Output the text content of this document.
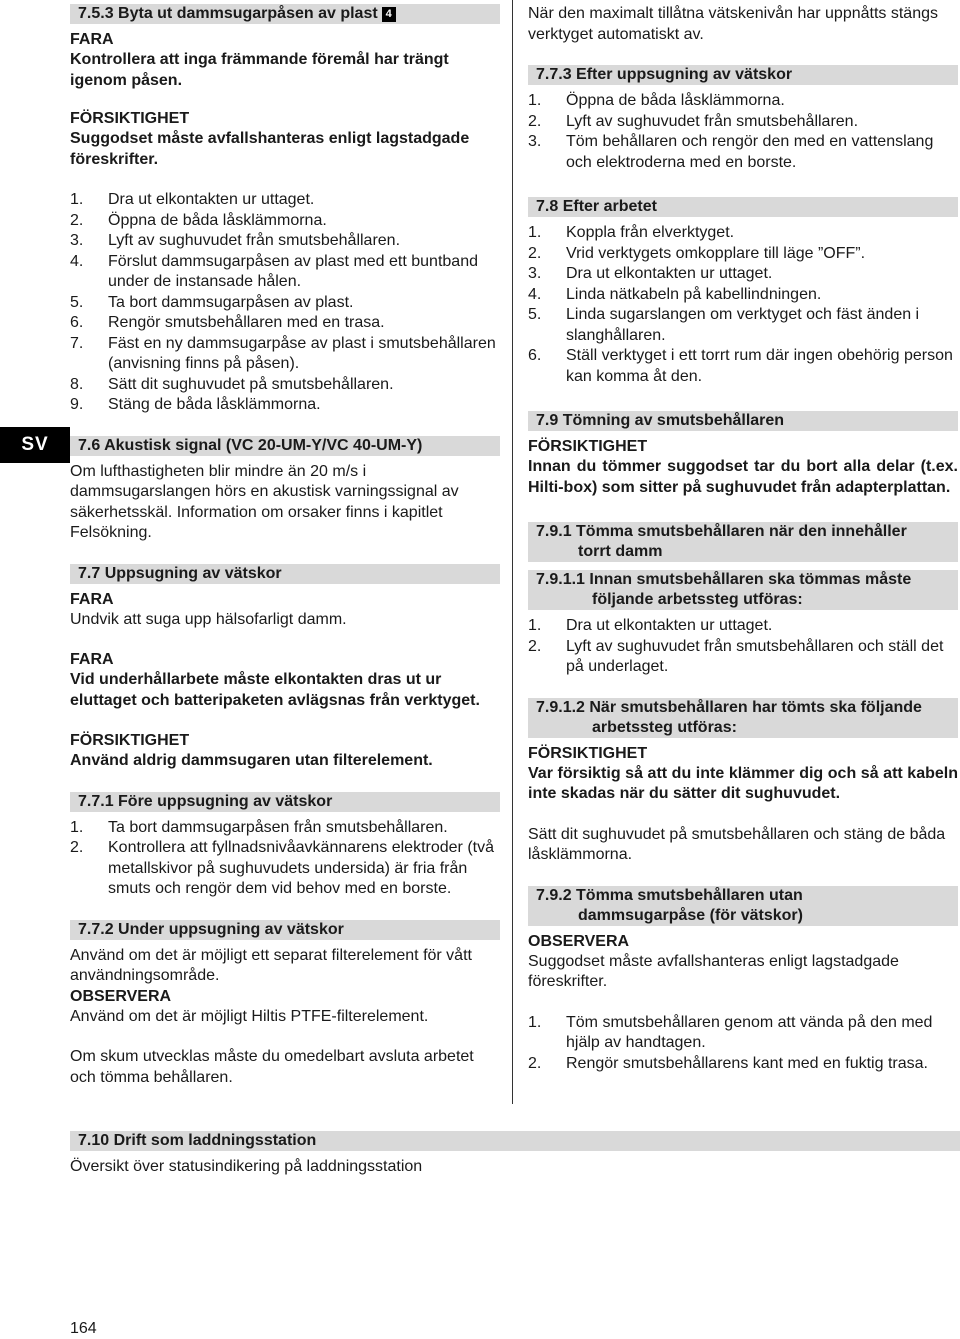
SV
7.5.3 Byta ut dammsugarpåsen av plast 4

FARA

Kontrollera att inga främmande föremål har trängt igenom påsen.

FÖRSIKTIGHET

Suggodset måste avfallshanteras enligt lagstadgade föreskrifter.

1.	Dra ut elkontakten ur uttaget.
2.	Öppna de båda låsklämmorna.
3.	Lyft av sughuvudet från smutsbehållaren.
4.	Förslut dammsugarpåsen av plast med ett buntband under de instansade hålen.
5.	Ta bort dammsugarpåsen av plast.
6.	Rengör smutsbehållaren med en trasa.
7.	Fäst en ny dammsugarpåse av plast i smutsbehållaren (anvisning finns på påsen).
8.	Sätt dit sughuvudet på smutsbehållaren.
9.	Stäng de båda låsklämmorna.
7.6 Akustisk signal (VC 20-UM-Y/VC 40-UM-Y)

Om lufthastigheten blir mindre än 20 m/s i dammsugarslangen hörs en akustisk varningssignal av säkerhetsskäl. Information om orsaker finns i kapitlet Felsökning.

7.7 Uppsugning av vätskor

FARA

Undvik att suga upp hälsofarligt damm.

FARA

Vid underhållarbete måste elkontakten dras ut ur eluttaget och batteripaketen avlägsnas från verktyget.

FÖRSIKTIGHET

Använd aldrig dammsugaren utan filterelement.

7.7.1 Före uppsugning av vätskor
1.	Ta bort dammsugarpåsen från smutsbehållaren.
2.	Kontrollera att fyllnadsnivåavkännarens elektroder (två metallskivor på sughuvudets undersida) är fria från smuts och rengör dem vid behov med en borste.
7.7.2 Under uppsugning av vätskor

Använd om det är möjligt ett separat filterelement för vått användningsområde.

OBSERVERA

Använd om det är möjligt Hiltis PTFE-filterelement.

Om skum utvecklas måste du omedelbart avsluta arbetet och tömma behållaren.

När den maximalt tillåtna vätskenivån har uppnåtts stängs verktyget automatiskt av.

7.7.3 Efter uppsugning av vätskor
1.	Öppna de båda låsklämmorna.
2.	Lyft av sughuvudet från smutsbehållaren.
3.	Töm behållaren och rengör den med en vattenslang och elektroderna med en borste.
7.8 Efter arbetet
1.	Koppla från elverktyget.
2.	Vrid verktygets omkopplare till läge ”OFF”.
3.	Dra ut elkontakten ur uttaget.
4.	Linda nätkabeln på kabellindningen.
5.	Linda sugarslangen om verktyget och fäst änden i slanghållaren.
6.	Ställ verktyget i ett torrt rum där ingen obehörig person kan komma åt den.
7.9 Tömning av smutsbehållaren

FÖRSIKTIGHET

Innan du tömmer suggodset tar du bort alla delar (t.ex. Hilti-box) som sitter på sughuvudet från adapterplattan.

7.9.1 Tömma smutsbehållaren när den innehåller
torrt damm
7.9.1.1 Innan smutsbehållaren ska tömmas måste
följande arbetssteg utföras:
1.	Dra ut elkontakten ur uttaget.
2.	Lyft av sughuvudet från smutsbehållaren och ställ det på underlaget.
7.9.1.2 När smutsbehållaren har tömts ska följande
arbetssteg utföras:

FÖRSIKTIGHET

Var försiktig så att du inte klämmer dig och så att kabeln inte skadas när du sätter dit sughuvudet.

Sätt dit sughuvudet på smutsbehållaren och stäng de båda låsklämmorna.

7.9.2 Tömma smutsbehållaren utan
dammsugarpåse (för vätskor)

OBSERVERA

Suggodset måste avfallshanteras enligt lagstadgade föreskrifter.

1.	Töm smutsbehållaren genom att vända på den med hjälp av handtagen.
2.	Rengör smutsbehållarens kant med en fuktig trasa.
7.10 Drift som laddningsstation

Översikt över statusindikering på laddningsstation

164
